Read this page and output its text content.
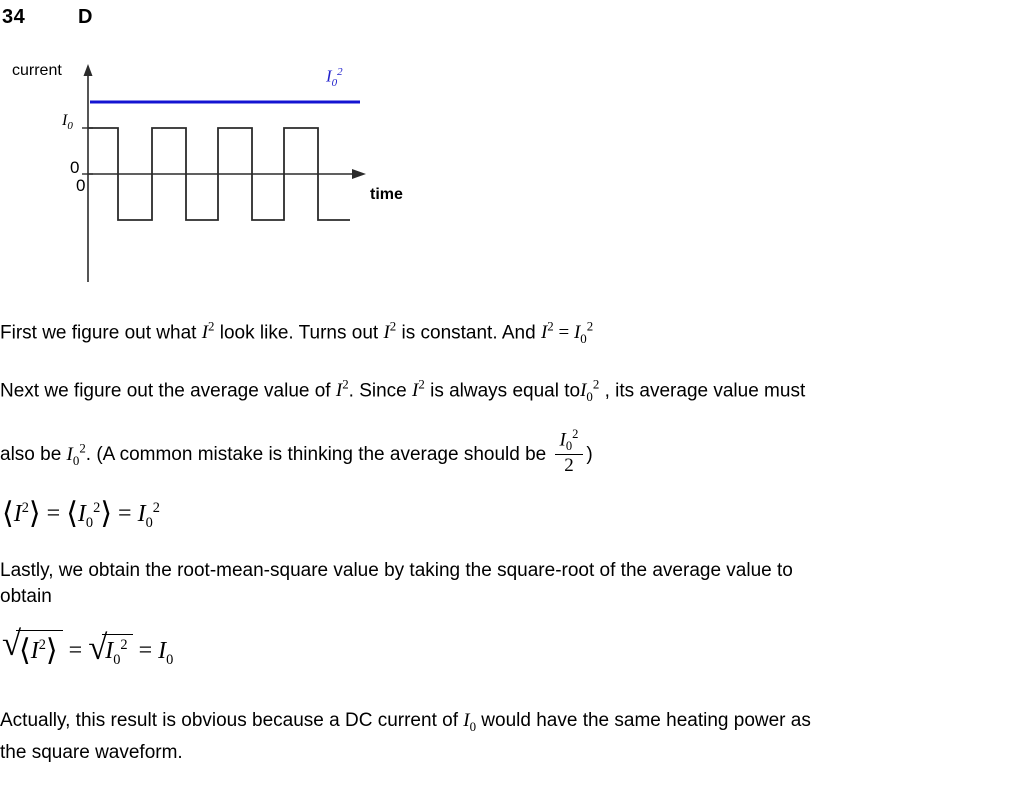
34	D
current
time
$I_0$
0
0
$I_0^2$
First we figure out what $I^2$ look like. Turns out $I^2$ is constant. And $I^2 = I_0^2$
Next we figure out the average value of $I^2$. Since $I^2$ is always equal toI$_0^2$ , its average value must
also be $I_0^2$. (A common mistake is thinking the average should be $\frac{I_0^2}{2}$ )
$⟨I^2⟩$ = $⟨I_0^2⟩ = I_0^2$
Lastly, we obtain the root-mean-square value by taking the square-root of the average value to
obtain
√
$⟨I^2⟩$ = √
$I_0^2 = I_0$
Actually, this result is obvious because a DC current of $I_0$ would have the same heating power as
the square waveform.
